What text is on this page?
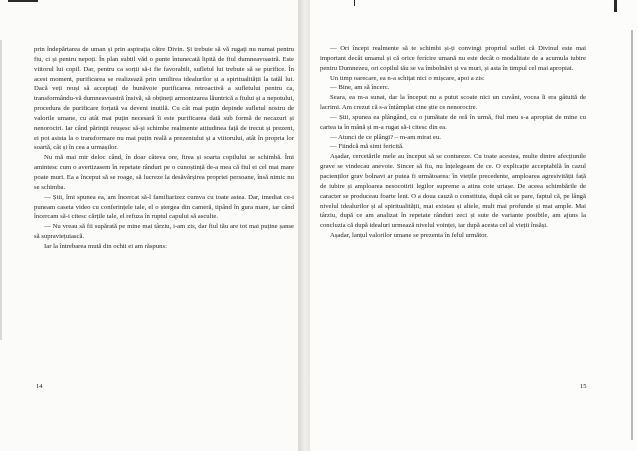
prin îndepărtarea de uman și prin aspirația către Divin. Și trebuie să vă rugați nu numai pentru fiu, ci și pentru nepoți. În plan subtil văd o punte întunecată lipită de fiul dumneavoastră. Este viitorul lui copil. Dar, pentru ca sorții să-i fie favorabili, sufletul lui trebuie să se purifice. În acest moment, purificarea se realizează prin umilirea idealurilor și a spiritualității la tatăl lui. Dacă veți reuși să acceptați de bunăvoie purificarea retroactivă a sufletului pentru ca, transformându-vă dumneavoastră însivă, să obțineți armonizarea lăuntrică a fiului și a nepotului, procedura de purificare forțată va deveni inutilă. Cu cât mai puțin depinde sufletul nostru de valorile umane, cu atât mai puțin necesară îi este purificarea dată sub formă de necazuri și nenorociri. Iar când părinții reușesc să-și schimbe realmente atitudinea față de trecut și prezent, ei pot asista la o transformare nu mai puțin reală a prezentului și a viitorului, atât în propria lor soartă, cât și în cea a urmașilor.

Nu mă mai mir deloc când, în doar câteva ore, firea și soarta copilului se schimbă. Îmi amintesc cum o avertizasem în repetate rânduri pe o cunoștință de-a mea că fiul ei cel mai mare poate muri. Ea a început să se roage, să lucreze la desăvârșirea propriei persoane, însă nimic nu se schimba.

— Știi, îmi spunea ea, am încercat să-l familiarizez cumva cu toate astea. Dar, imediat ce-i puneam caseta video cu conferințele tale, el o ștergea din cameră, tipând în gura mare, iar când încercam să-i citesc cărțile tale, el refuza în ruptul capului să asculte.

— Nu vreau să fii supărată pe mine mai târziu, i-am zis, dar fiul tău are tot mai puține șanse să supraviețuiască.

Iar la întrebarea mută din ochii ei am răspuns:

— Ori începi realmente să te schimbi și-ți convingi propriul suflet că Divinul este mai important decât umanul și că orice ferícire umană nu este decât o modalitate de a acumula iubire pentru Dumnezeu, ori copilul tău se va îmbolnăvi și va muri, și asta în timpul cel mai apropiat.

Un timp oarecare, ea n-a schițat nici o mișcare, apoi a zis:

— Bine, am să încerc.

Seara, ea m-a sunat, dar la început nu a putut scoate nici un cuvânt, vocea îi era gâtuită de lacrimi. Am crezut că s-a întâmplat cine știe ce nenorocire.

— Știi, spunea ea plângând, cu o jumătate de oră în urmă, fiul meu s-a apropiat de mine cu cartea ta în mână și m-a rugat să-i citesc din ea.

— Atunci de ce plângi? – m-am mirat eu.

— Fiindcă mă simt fericită.

Așadar, cercetările mele au început să se contureze. Cu toate acestea, multe dintre afecțiunile grave se vindecau anevoie. Sincer să fiu, nu înțelegeam de ce. O explicație acceptabilă în cazul pacienților grav bolnavi ar putea fi următoarea: în viețile precedente, amploarea agresivității față de iubire și amploarea nesocotirii legilor supreme a atins cote uriașe. De aceea schimbările de caracter se produceau foarte lent. O a doua cauză o constituia, după cât se pare, faptul că, pe lângă nivelul idealurilor și al spiritualității, mai existau și altele, mult mai profunde și mai ample. Mai târziu, după ce am analizat în repetate rânduri zeci și sute de variante posibile, am ajuns la concluzia că după idealuri urmează nivelul voinței, iar după acesta cel al vieții însăși.

Așadar, lanțul valorilor umane se prezenta în felul următor.

14	15
